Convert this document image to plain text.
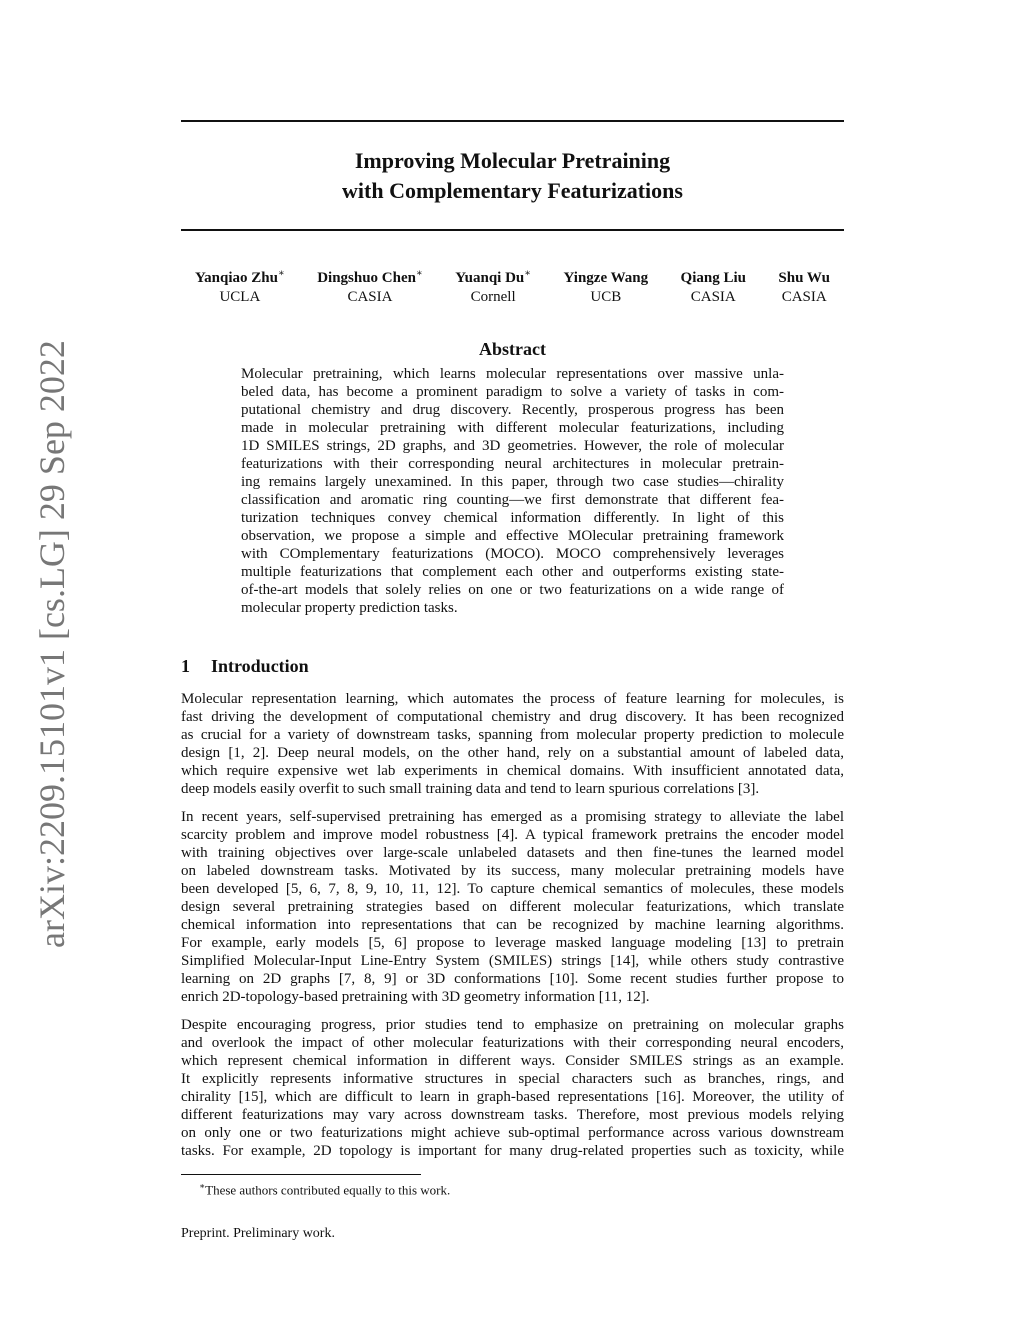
arXiv:2209.15101v1 [cs.LG] 29 Sep 2022
Improving Molecular Pretraining
with Complementary Featurizations
Yanqiao Zhu∗
UCLA
Dingshuo Chen∗
CASIA
Yuanqi Du∗
Cornell
Yingze Wang
UCB
Qiang Liu
CASIA
Shu Wu
CASIA
Abstract
Molecular pretraining, which learns molecular representations over massive unla-
beled data, has become a prominent paradigm to solve a variety of tasks in com-
putational chemistry and drug discovery. Recently, prosperous progress has been
made in molecular pretraining with different molecular featurizations, including
1D SMILES strings, 2D graphs, and 3D geometries. However, the role of molecular
featurizations with their corresponding neural architectures in molecular pretrain-
ing remains largely unexamined. In this paper, through two case studies—chirality
classification and aromatic ring counting—we first demonstrate that different fea-
turization techniques convey chemical information differently. In light of this
observation, we propose a simple and effective MOlecular pretraining framework
with COmplementary featurizations (MOCO). MOCO comprehensively leverages
multiple featurizations that complement each other and outperforms existing state-
of-the-art models that solely relies on one or two featurizations on a wide range of
molecular property prediction tasks.
1 Introduction
Molecular representation learning, which automates the process of feature learning for molecules, is
fast driving the development of computational chemistry and drug discovery. It has been recognized
as crucial for a variety of downstream tasks, spanning from molecular property prediction to molecule
design [1, 2]. Deep neural models, on the other hand, rely on a substantial amount of labeled data,
which require expensive wet lab experiments in chemical domains. With insufficient annotated data,
deep models easily overfit to such small training data and tend to learn spurious correlations [3].
In recent years, self-supervised pretraining has emerged as a promising strategy to alleviate the label
scarcity problem and improve model robustness [4]. A typical framework pretrains the encoder model
with training objectives over large-scale unlabeled datasets and then fine-tunes the learned model
on labeled downstream tasks. Motivated by its success, many molecular pretraining models have
been developed [5, 6, 7, 8, 9, 10, 11, 12]. To capture chemical semantics of molecules, these models
design several pretraining strategies based on different molecular featurizations, which translate
chemical information into representations that can be recognized by machine learning algorithms.
For example, early models [5, 6] propose to leverage masked language modeling [13] to pretrain
Simplified Molecular-Input Line-Entry System (SMILES) strings [14], while others study contrastive
learning on 2D graphs [7, 8, 9] or 3D conformations [10]. Some recent studies further propose to
enrich 2D-topology-based pretraining with 3D geometry information [11, 12].
Despite encouraging progress, prior studies tend to emphasize on pretraining on molecular graphs
and overlook the impact of other molecular featurizations with their corresponding neural encoders,
which represent chemical information in different ways. Consider SMILES strings as an example.
It explicitly represents informative structures in special characters such as branches, rings, and
chirality [15], which are difficult to learn in graph-based representations [16]. Moreover, the utility of
different featurizations may vary across downstream tasks. Therefore, most previous models relying
on only one or two featurizations might achieve sub-optimal performance across various downstream
tasks. For example, 2D topology is important for many drug-related properties such as toxicity, while
∗These authors contributed equally to this work.
Preprint. Preliminary work.
